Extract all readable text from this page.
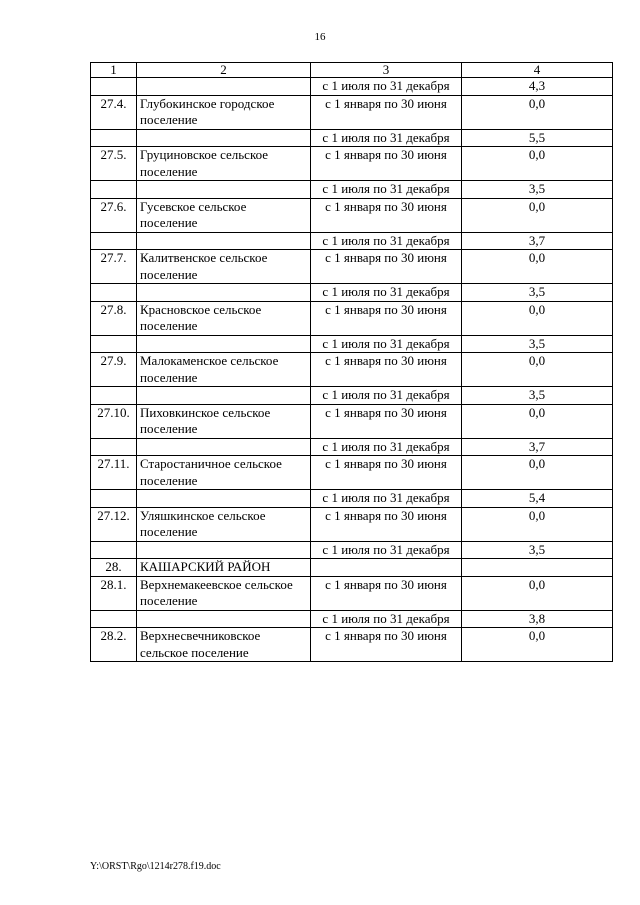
16
1	2	3	4
		с 1 июля по 31 декабря	4,3
27.4.	Глубокинское городское поселение	с 1 января по 30 июня	0,0
		с 1 июля по 31 декабря	5,5
27.5.	Груциновское сельское поселение	с 1 января по 30 июня	0,0
		с 1 июля по 31 декабря	3,5
27.6.	Гусевское сельское поселение	с 1 января по 30 июня	0,0
		с 1 июля по 31 декабря	3,7
27.7.	Калитвенское сельское поселение	с 1 января по 30 июня	0,0
		с 1 июля по 31 декабря	3,5
27.8.	Красновское сельское поселение	с 1 января по 30 июня	0,0
		с 1 июля по 31 декабря	3,5
27.9.	Малокаменское сельское поселение	с 1 января по 30 июня	0,0
		с 1 июля по 31 декабря	3,5
27.10.	Пиховкинское сельское поселение	с 1 января по 30 июня	0,0
		с 1 июля по 31 декабря	3,7
27.11.	Старостаничное сельское поселение	с 1 января по 30 июня	0,0
		с 1 июля по 31 декабря	5,4
27.12.	Уляшкинское сельское поселение	с 1 января по 30 июня	0,0
		с 1 июля по 31 декабря	3,5
28.	КАШАРСКИЙ РАЙОН		
28.1.	Верхнемакеевское сельское поселение	с 1 января по 30 июня	0,0
		с 1 июля по 31 декабря	3,8
28.2.	Верхнесвечниковское сельское поселение	с 1 января по 30 июня	0,0
Y:\ORST\Rgo\1214r278.f19.doc
